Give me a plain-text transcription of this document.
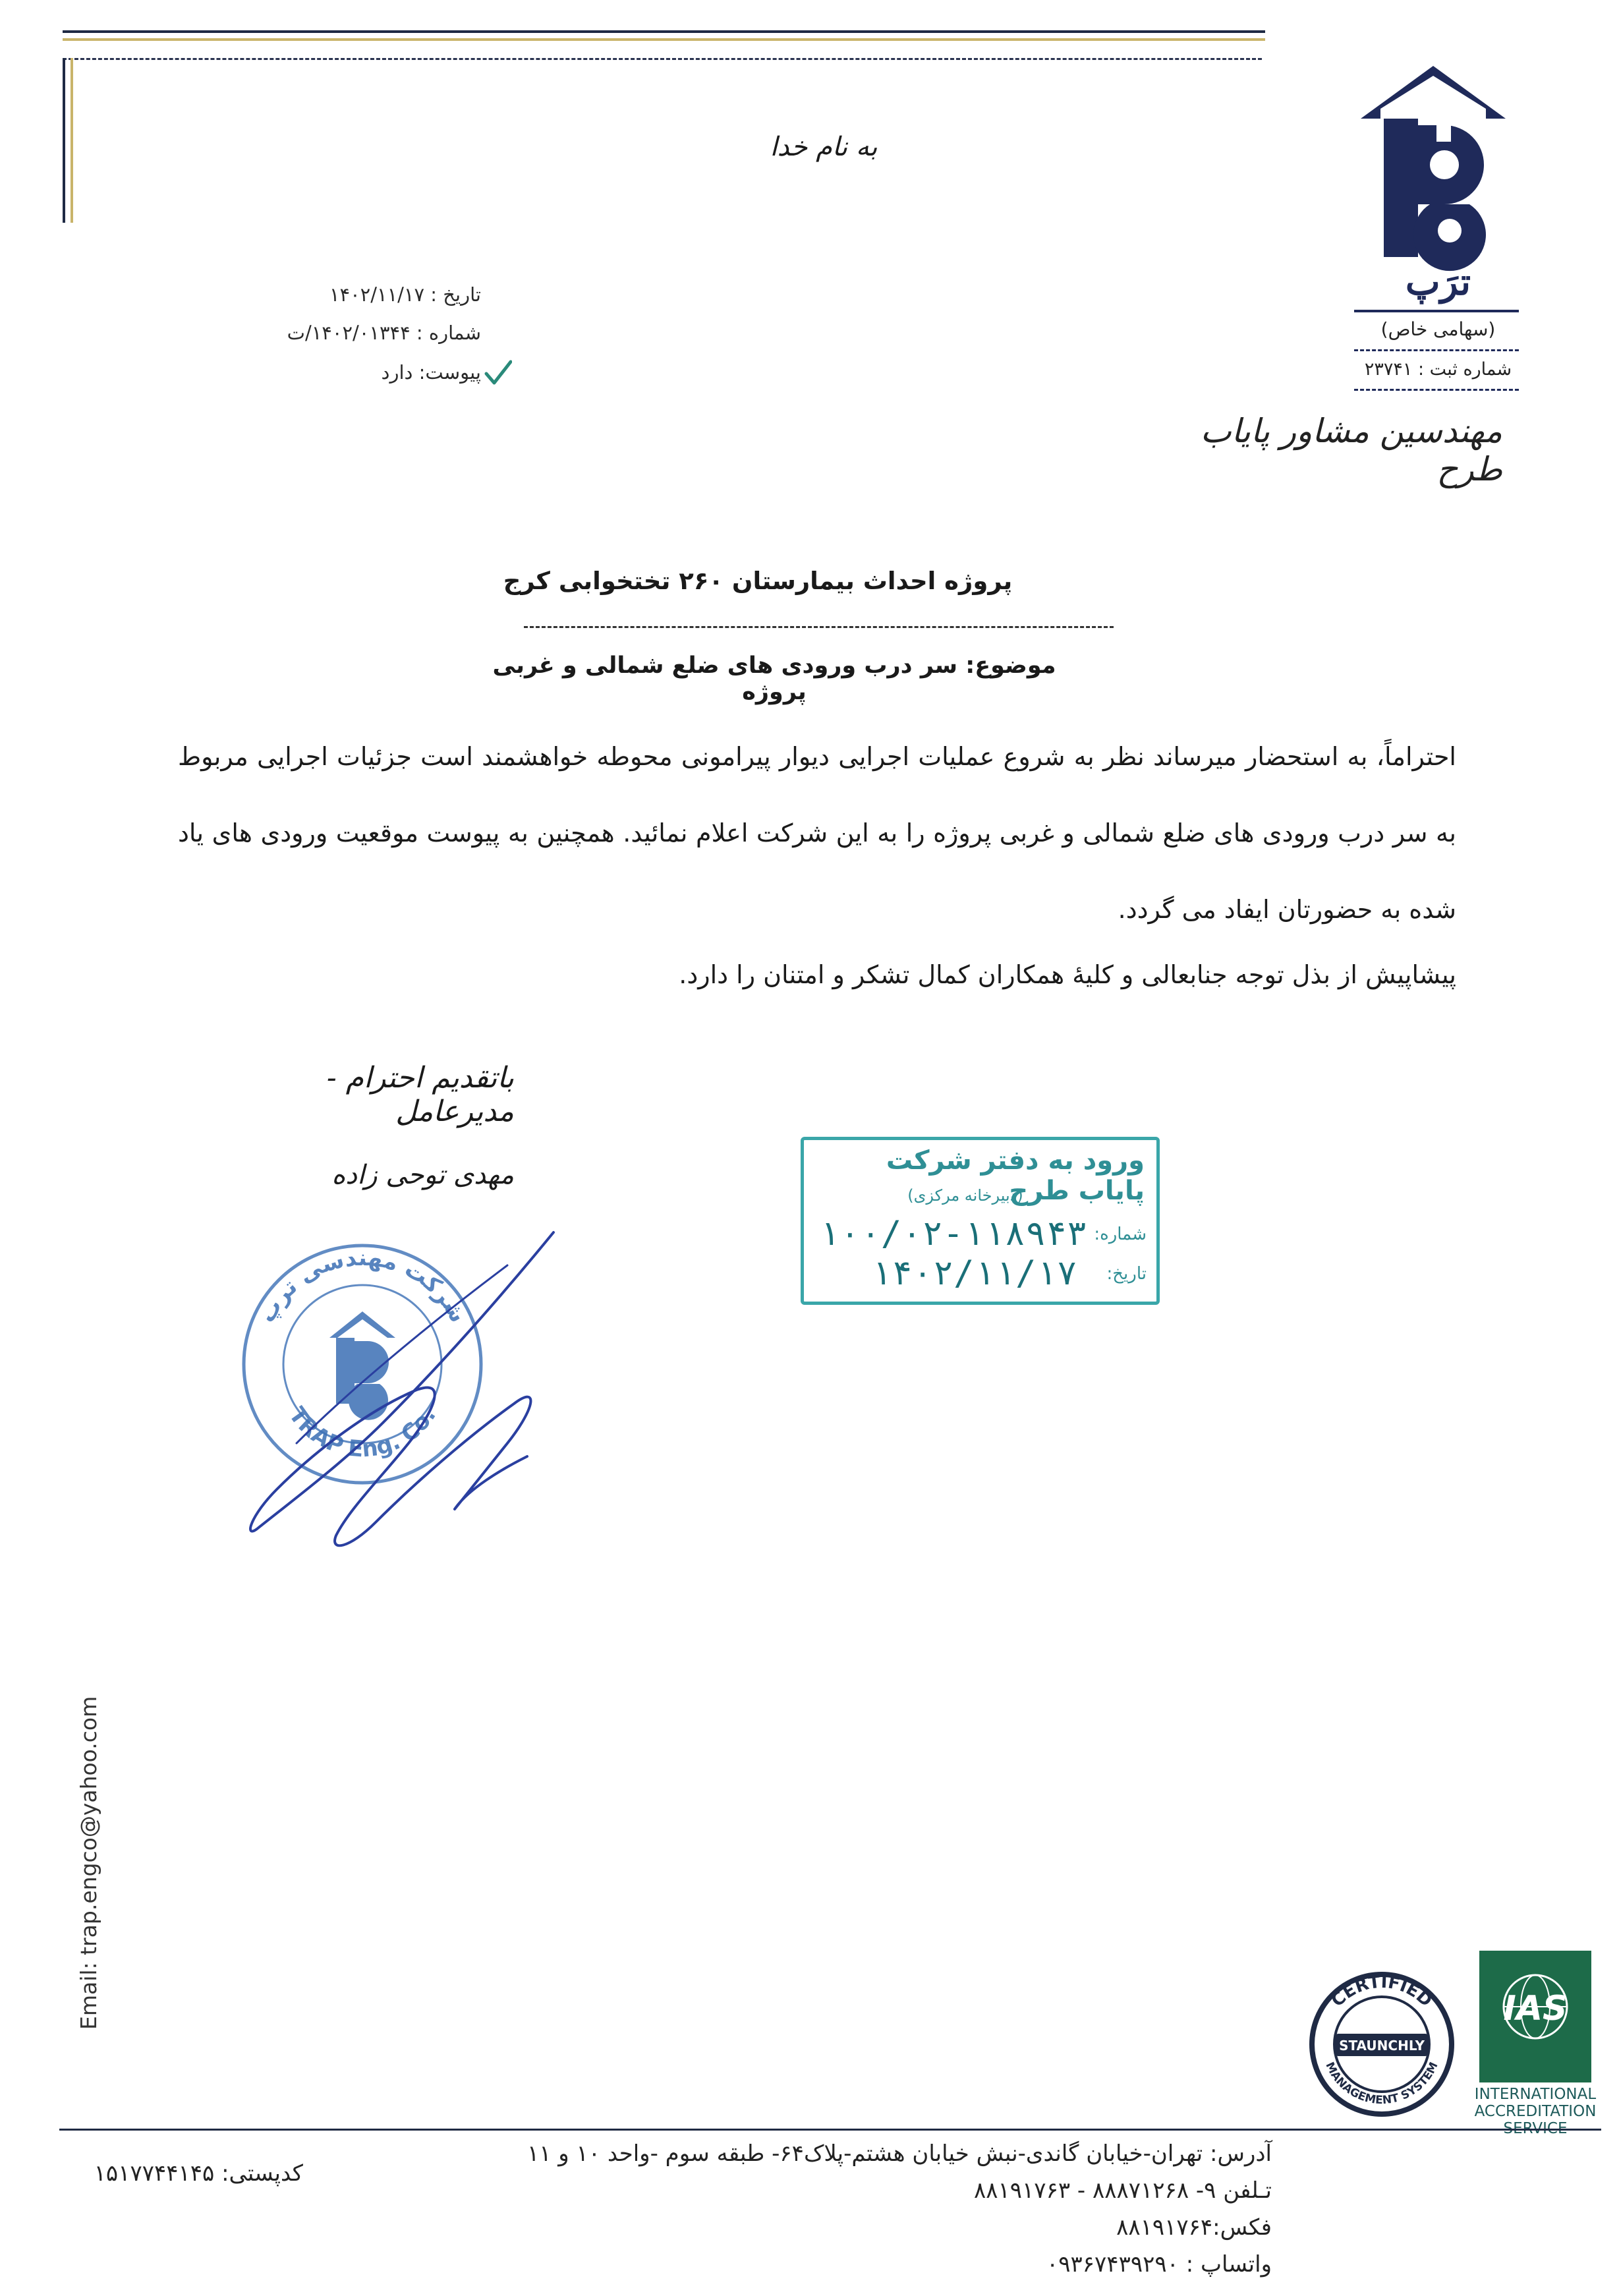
ترَپ
(سهامی خاص)
شماره ثبت : ۲۳۷۴۱
مهندسین مشاور پایاب طرح
به نام خدا
تاریخ : ۱۴۰۲/۱۱/۱۷
شماره : ۱۴۰۲/۰۱۳۴۴/ت
پیوست: دارد
پروژه احداث بیمارستان ۲۶۰ تختخوابی کرج
موضوع: سر درب ورودی های ضلع شمالی و غربی پروژه
احتراماً، به استحضار میرساند نظر به شروع عملیات اجرایی دیوار پیرامونی محوطه خواهشمند است جزئیات اجرایی مربوط به سر درب ورودی های ضلع شمالی و غربی پروژه را به این شرکت اعلام نمائید. همچنین به پیوست موقعیت ورودی های یاد شده به حضورتان ایفاد می گردد.
پیشاپیش از بذل توجه جنابعالی و کلیهٔ همکاران کمال تشکر و امتنان را دارد.
باتقدیم احترام - مدیرعامل
مهدی توحی زاده
شرکت مهندسی ترپ
TRAP Eng. Co.
ورود به دفتر شرکت پایاب طرح
(دبیرخانه مرکزی)
شماره:
۱۰۰/۰۲-۱۱۸۹۴۳
تاریخ:
۱۴۰۲/۱۱/۱۷
Email: trap.engco@yahoo.com	CERTIFIED
MANAGEMENT SYSTEM
STAUNCHLY
IAS
INTERNATIONAL
ACCREDITATION
SERVICE
آدرس: تهران-خیابان گاندی-نبش خیابان هشتم-پلاک۶۴- طبقه سوم -واحد ۱۰ و ۱۱
تـلفن ۹- ۸۸۸۷۱۲۶۸ - ۸۸۱۹۱۷۶۳
فکس:۸۸۱۹۱۷۶۴
واتساپ : ۰۹۳۶۷۴۳۹۲۹۰
کدپستی: ۱۵۱۷۷۴۴۱۴۵
